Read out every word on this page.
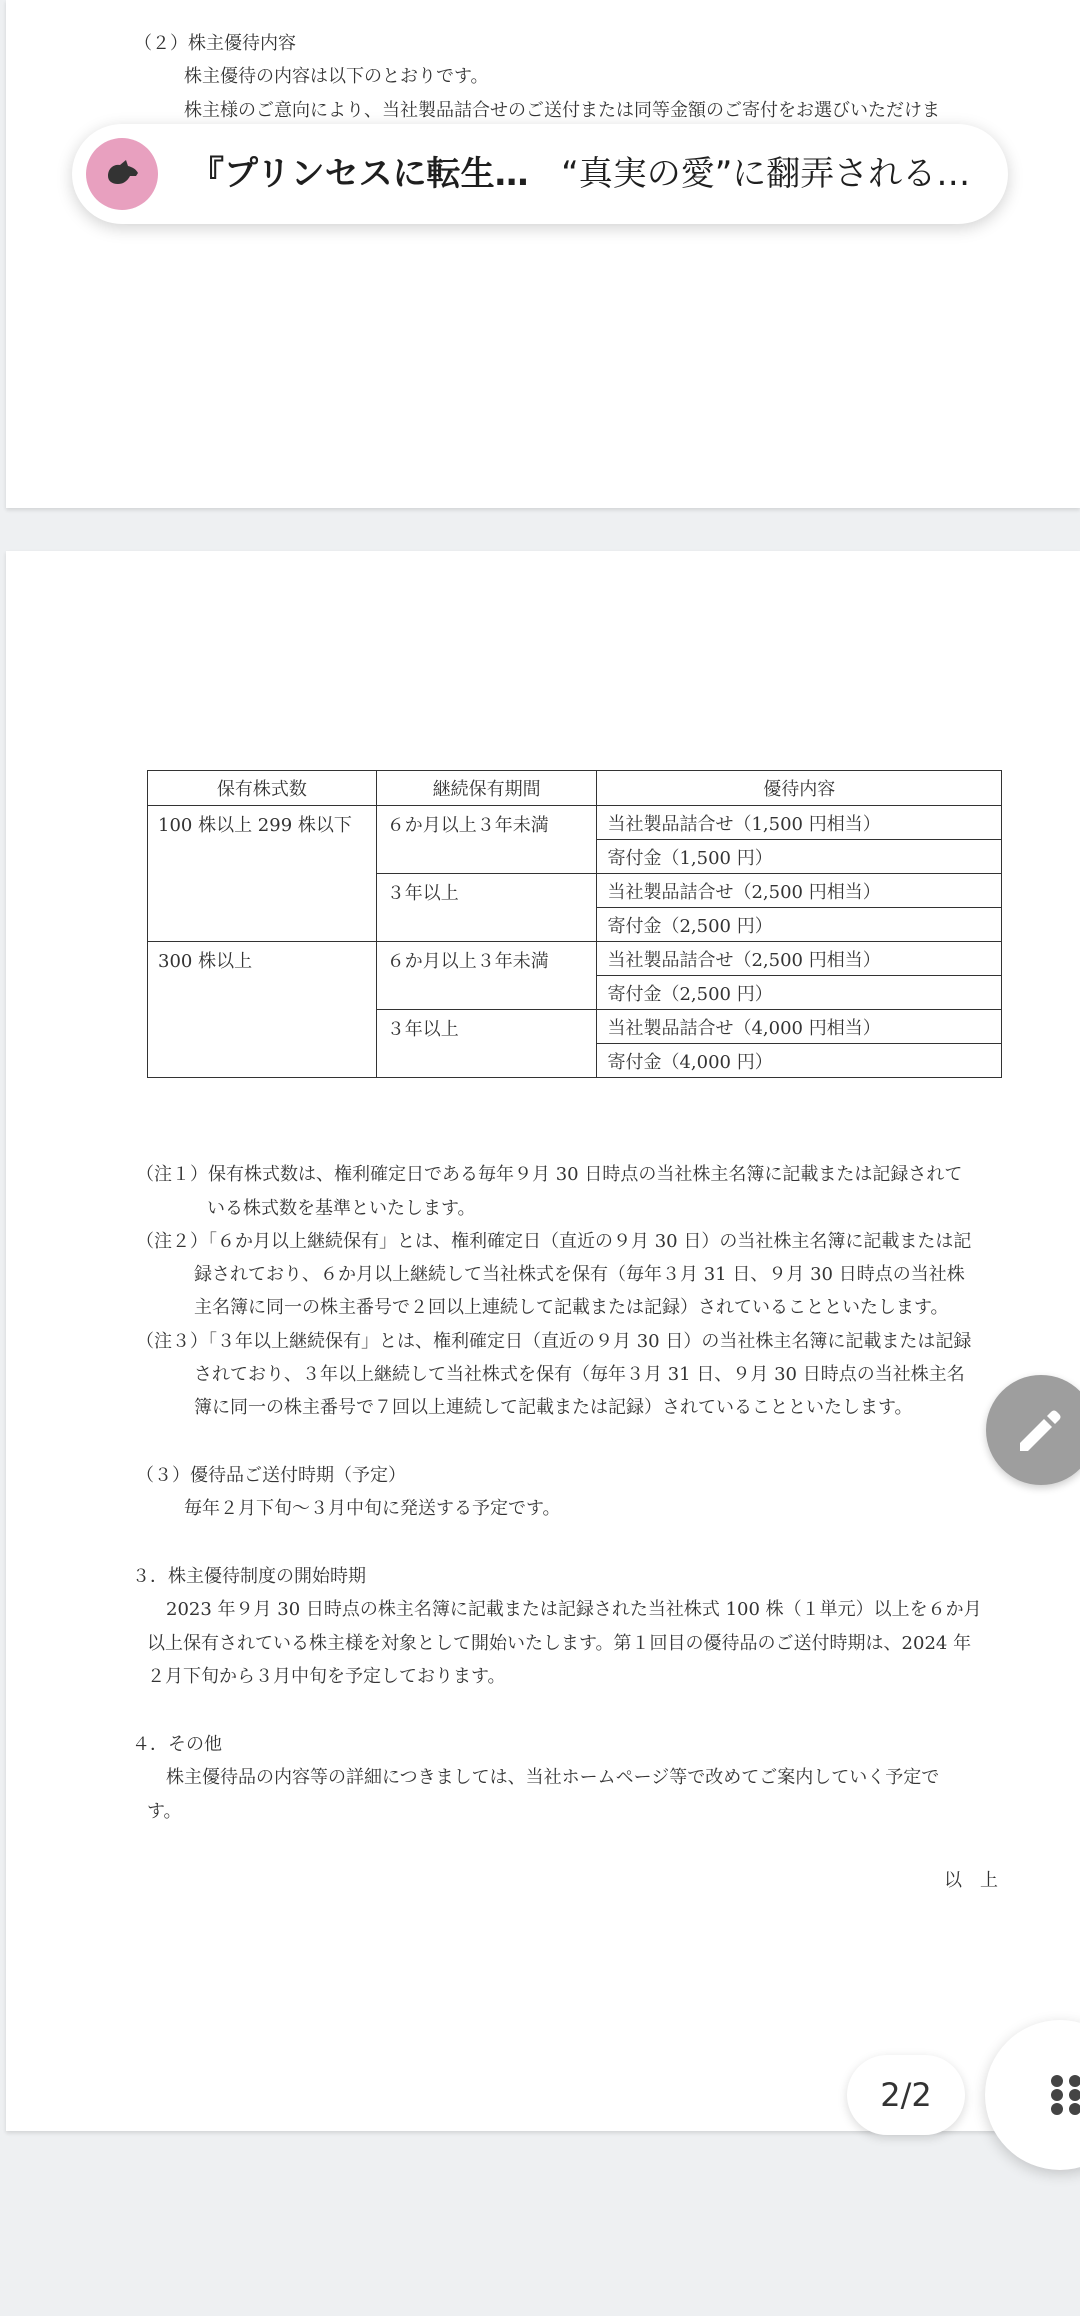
（２）株主優待内容
株主優待の内容は以下のとおりです。
株主様のご意向により、当社製品詰合せのご送付または同等金額のご寄付をお選びいただけま
保有株式数	継続保有期間	優待内容
100 株以上 299 株以下	６か月以上３年未満	当社製品詰合せ（1,500 円相当）
		寄付金（1,500 円）
	３年以上	当社製品詰合せ（2,500 円相当）
		寄付金（2,500 円）
300 株以上	６か月以上３年未満	当社製品詰合せ（2,500 円相当）
		寄付金（2,500 円）
	３年以上	当社製品詰合せ（4,000 円相当）
		寄付金（4,000 円）
（注１）保有株式数は、権利確定日である毎年９月 30 日時点の当社株主名簿に記載または記録されて
いる株式数を基準といたします。
（注２）「６か月以上継続保有」とは、権利確定日（直近の９月 30 日）の当社株主名簿に記載または記
録されており、６か月以上継続して当社株式を保有（毎年３月 31 日、９月 30 日時点の当社株
主名簿に同一の株主番号で２回以上連続して記載または記録）されていることといたします。
（注３）「３年以上継続保有」とは、権利確定日（直近の９月 30 日）の当社株主名簿に記載または記録
されており、３年以上継続して当社株式を保有（毎年３月 31 日、９月 30 日時点の当社株主名
簿に同一の株主番号で７回以上連続して記載または記録）されていることといたします。
（３）優待品ご送付時期（予定）
毎年２月下旬～３月中旬に発送する予定です。
３．株主優待制度の開始時期
2023 年９月 30 日時点の株主名簿に記載または記録された当社株式 100 株（１単元）以上を６か月
以上保有されている株主様を対象として開始いたします。第１回目の優待品のご送付時期は、2024 年
２月下旬から３月中旬を予定しております。
４．その他
株主優待品の内容等の詳細につきましては、当社ホームページ等で改めてご案内していく予定で
す。
以　上
『プリンセスに転生… “真実の愛”に翻弄される…
2/2
